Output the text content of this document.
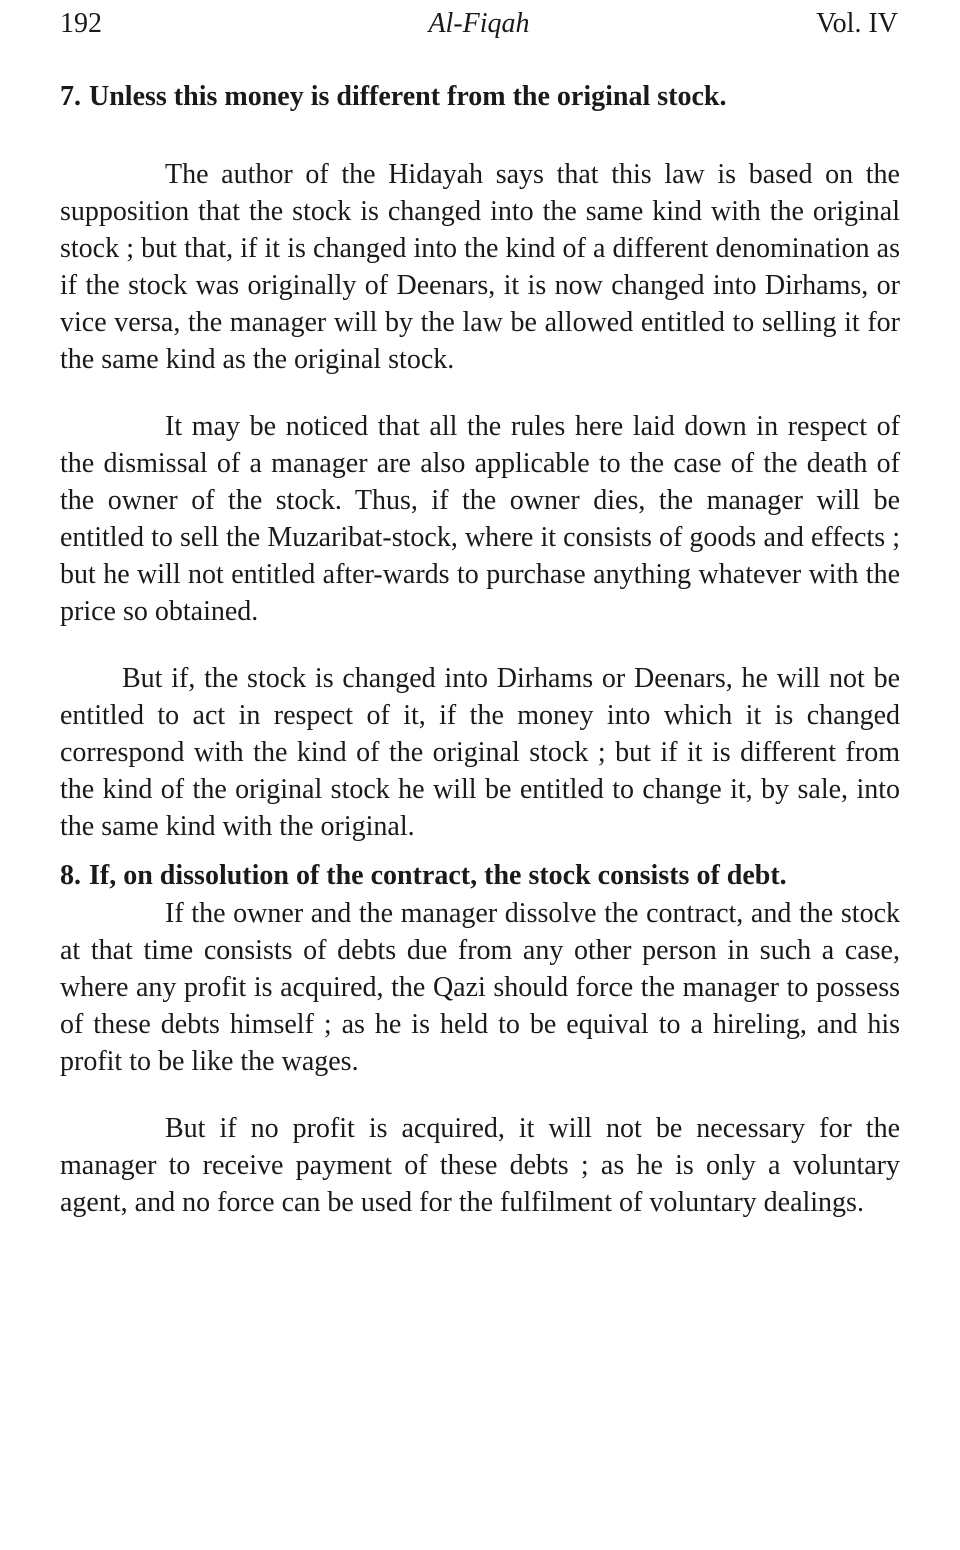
192	Al-Fiqah	Vol. IV
7. Unless this money is different from the original stock.

The author of the Hidayah says that this law is based on the supposition that the stock is changed into the same kind with the original stock ; but that, if it is changed into the kind of a different denomination as if the stock was originally of Deenars, it is now changed into Dirhams, or vice versa, the manager will by the law be allowed entitled to selling it for the same kind as the original stock.

It may be noticed that all the rules here laid down in respect of the dismissal of a manager are also applicable to the case of the death of the owner of the stock. Thus, if the owner dies, the manager will be entitled to sell the Muzaribat-stock, where it consists of goods and effects ; but he will not entitled after-wards to purchase anything whatever with the price so obtained.

But if, the stock is changed into Dirhams or Deenars, he will not be entitled to act in respect of it, if the money into which it is changed correspond with the kind of the original stock ; but if it is different from the kind of the original stock he will be entitled to change it, by sale, into the same kind with the original.

8. If, on dissolution of the contract, the stock consists of debt.

If the owner and the manager dissolve the contract, and the stock at that time consists of debts due from any other person in such a case, where any profit is acquired, the Qazi should force the manager to possess of these debts himself ; as he is held to be equival to a hireling, and his profit to be like the wages.

But if no profit is acquired, it will not be necessary for the manager to receive payment of these debts ; as he is only a voluntary agent, and no force can be used for the fulfilment of voluntary dealings.
